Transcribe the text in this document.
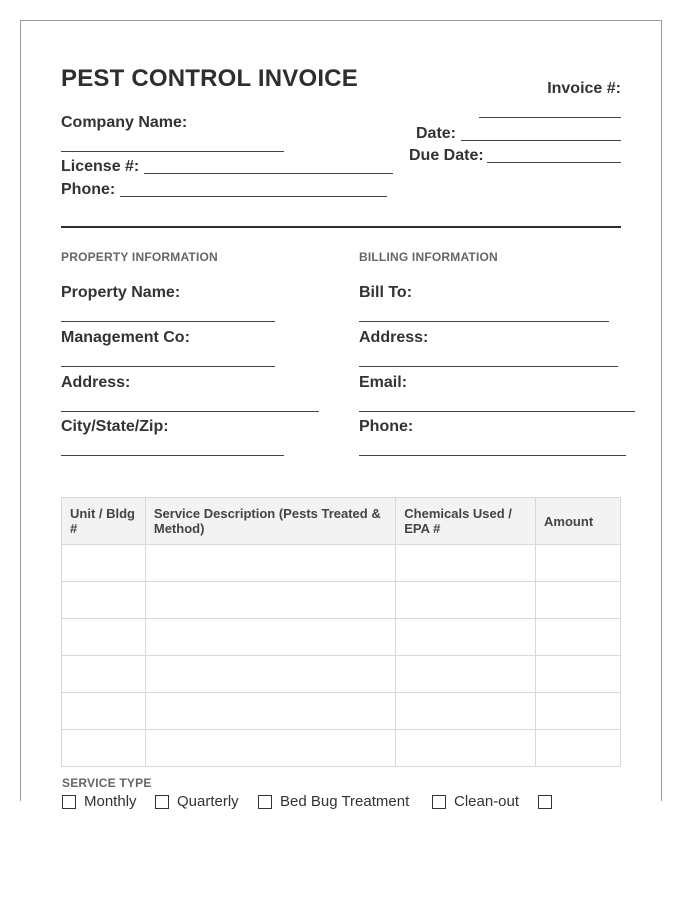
PEST CONTROL INVOICE	Invoice #:
Company Name:
Date:
Due Date:
License #:
Phone:
PROPERTY INFORMATION
Property Name:
Management Co:
Address:
City/State/Zip:
BILLING INFORMATION
Bill To:
Address:
Email:
Phone:
Unit / Bldg #	Service Description (Pests Treated & Method)	Chemicals Used / EPA #	Amount

SERVICE TYPE
Monthly	Quarterly	Bed Bug Treatment	Clean-out
